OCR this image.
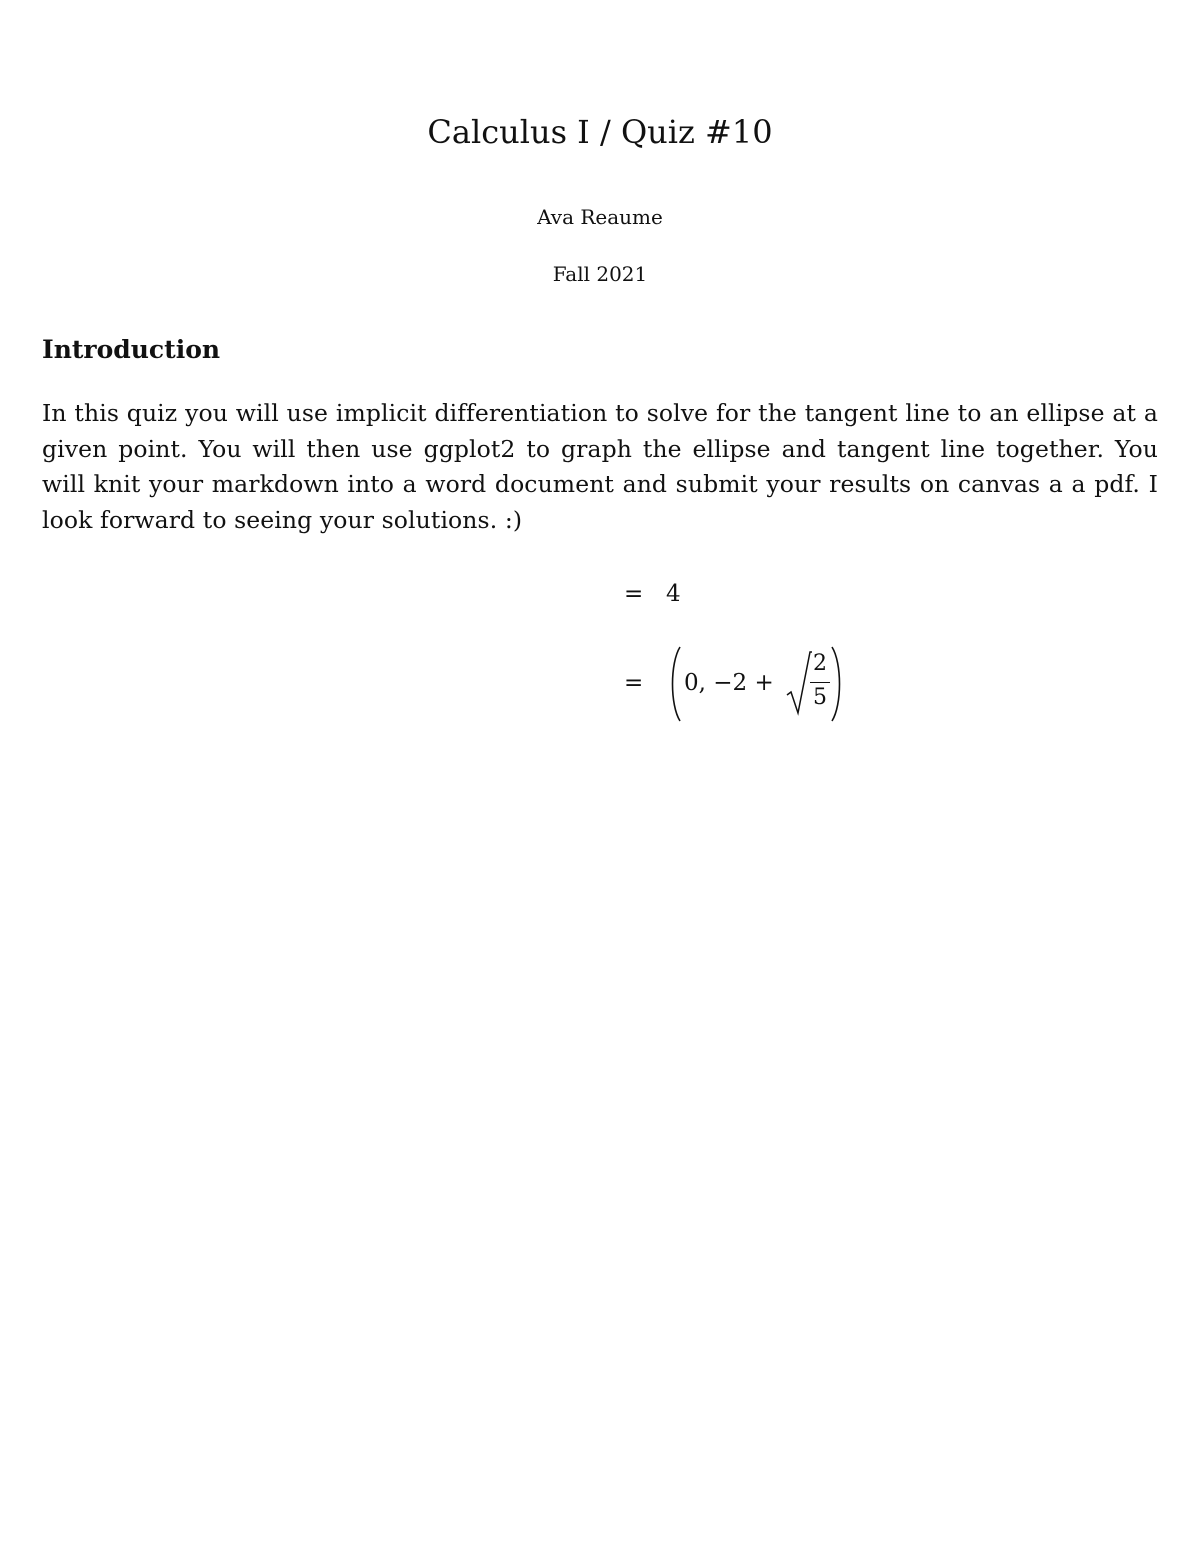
Calculus I / Quiz #10
Ava Reaume
Fall 2021
Introduction
In this quiz you will use implicit differentiation to solve for the tangent line to an ellipse at a given point. You will then use ggplot2 to graph the ellipse and tangent line together. You will knit your markdown into a word document and submit your results on canvas a a pdf. I look forward to seeing your solutions. :)
= 4
= 0, −2 +
2
5
